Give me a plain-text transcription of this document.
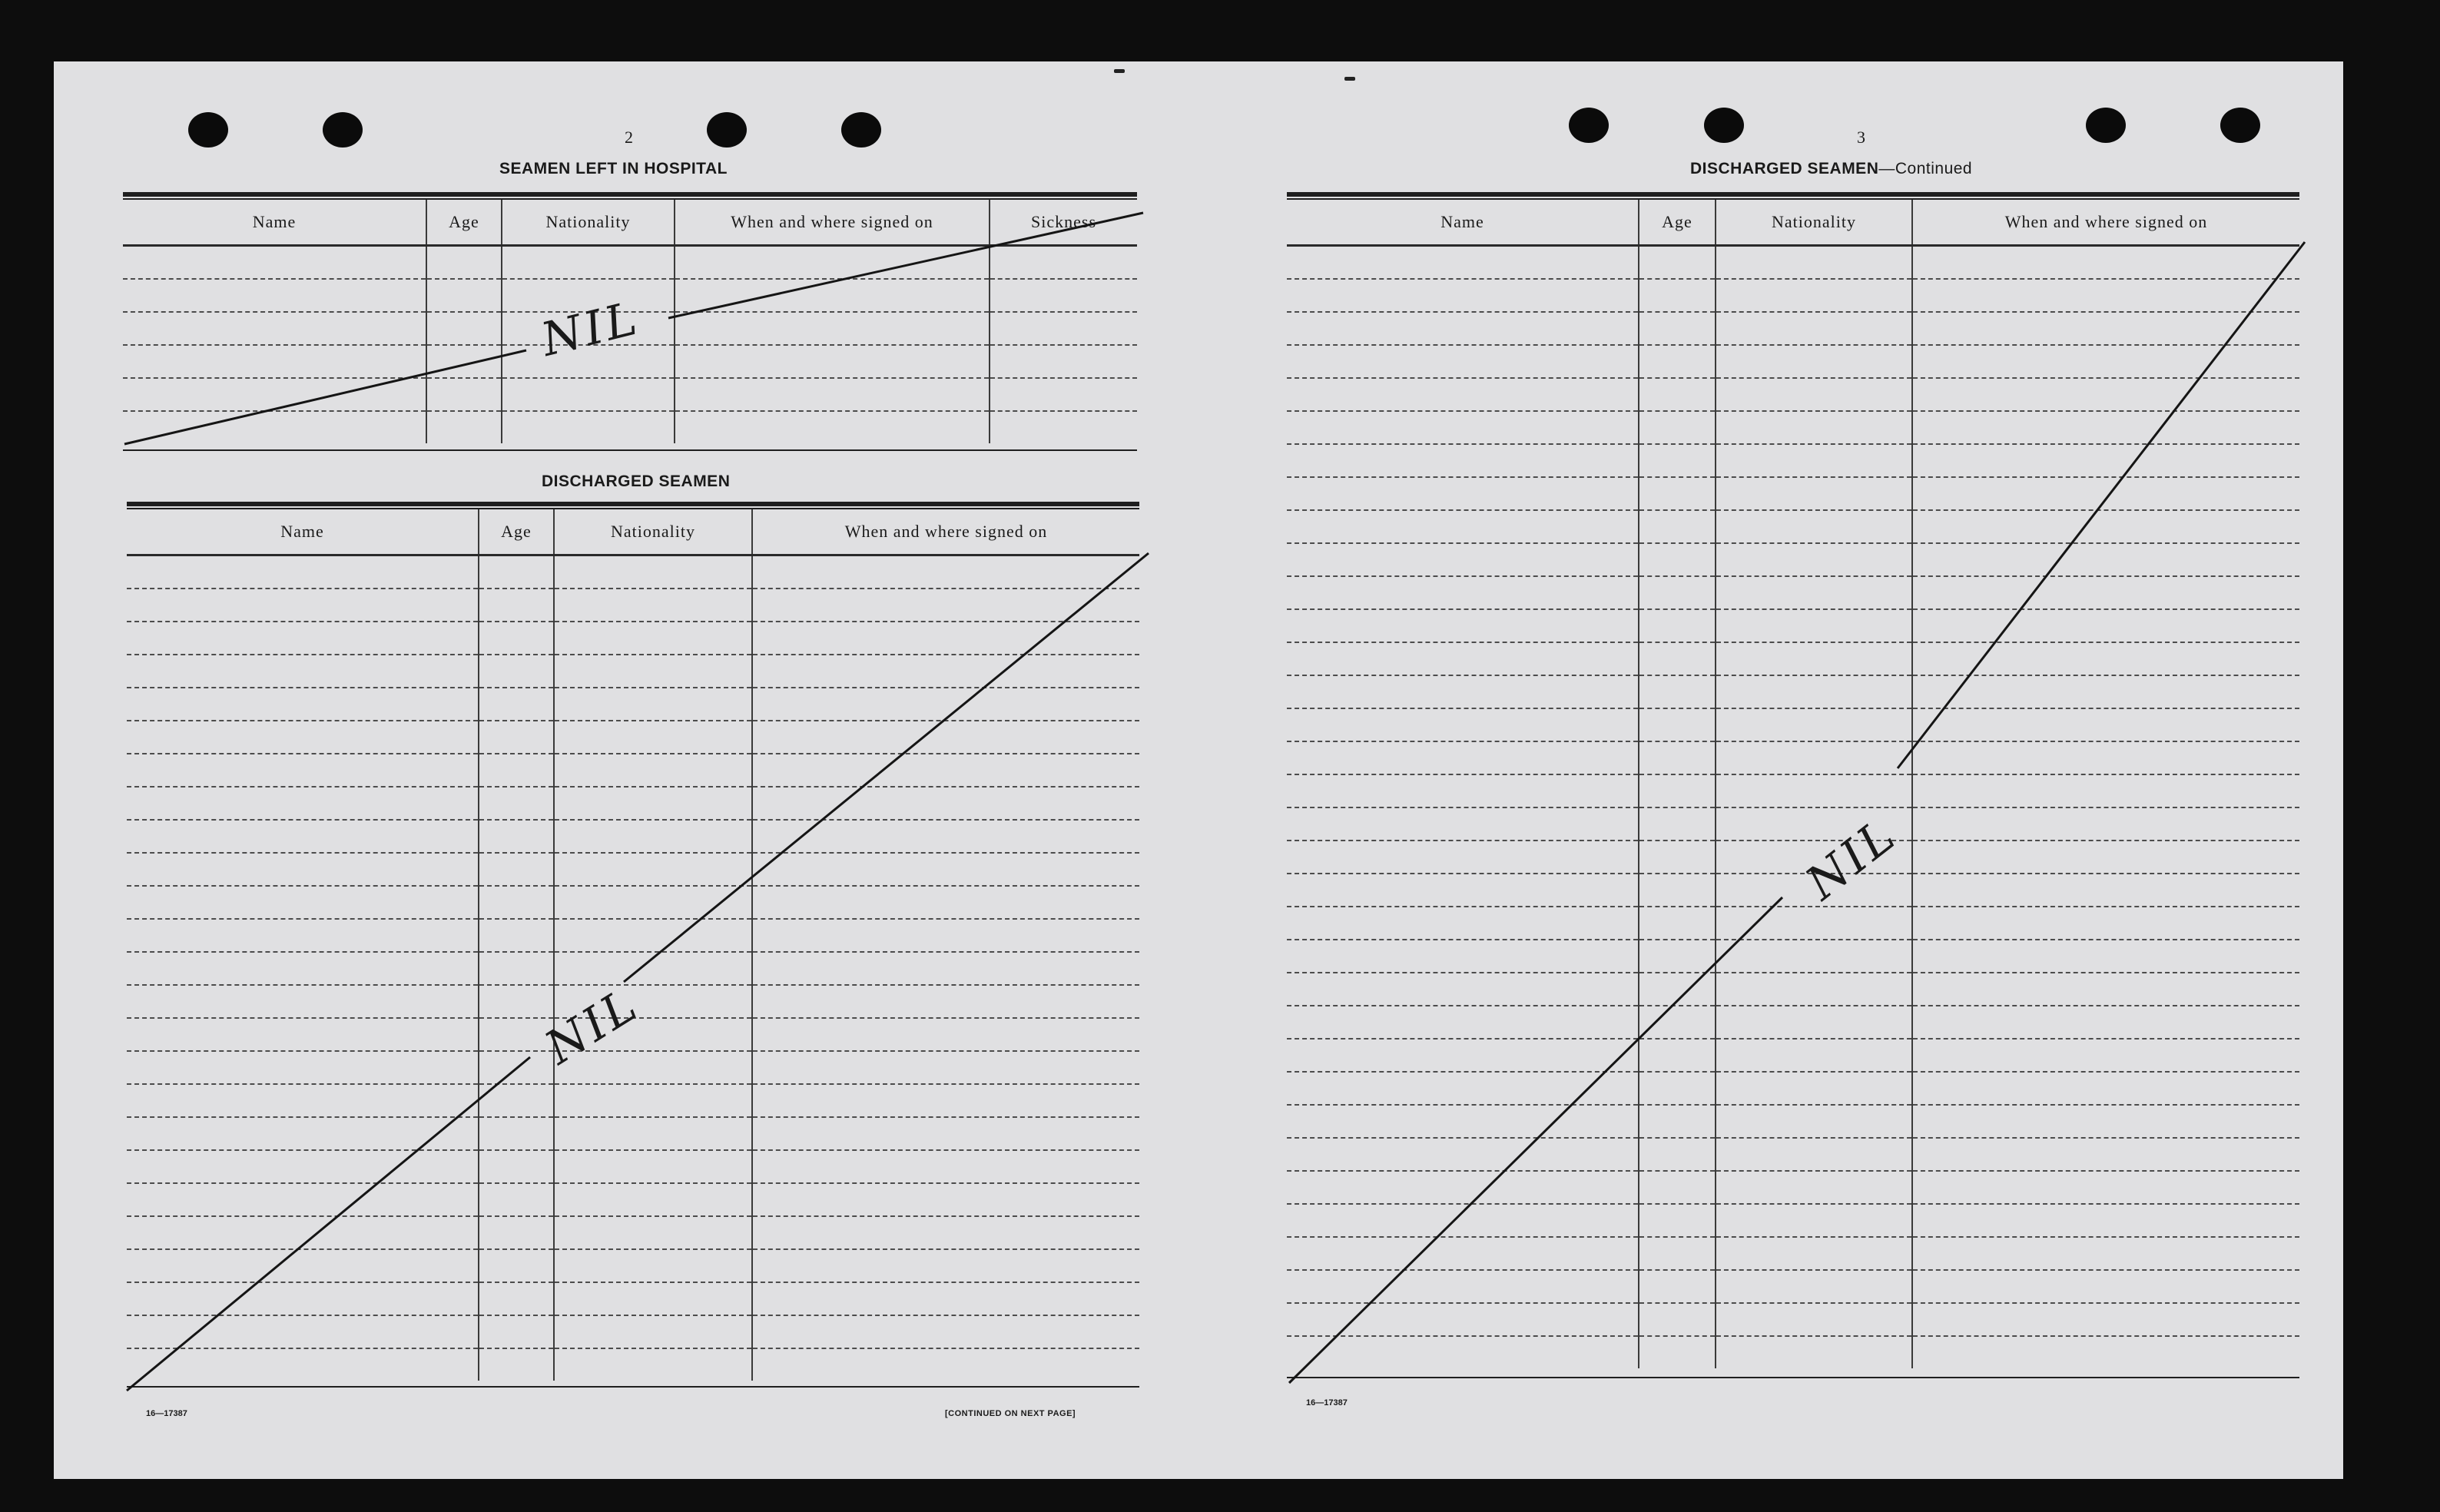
2
SEAMEN LEFT IN HOSPITAL
Name	Age	Nationality	When and where signed on	Sickness

NIL
DISCHARGED SEAMEN
Name	Age	Nationality	When and where signed on

NIL
16—17387	[CONTINUED ON NEXT PAGE]
3
DISCHARGED SEAMEN—Continued
Name	Age	Nationality	When and where signed on

NIL
16—17387
